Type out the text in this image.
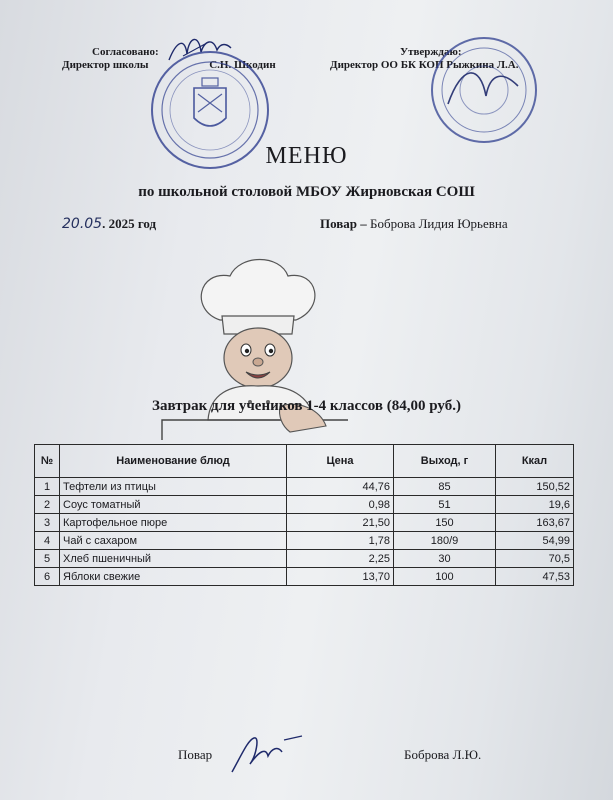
Согласовано:
Директор школы	С.Н. Шкодин
Утверждаю:
Директор ОО БК КОП Рыжкина Л.А.
МЕНЮ
по школьной столовой МБОУ Жирновская СОШ
20.05. 2025 год	Повар – Боброва Лидия Юрьевна
Завтрак для учеников 1-4 классов (84,00 руб.)
№	Наименование блюд	Цена	Выход, г	Ккал
1	Тефтели из птицы	44,76	85	150,52
2	Соус томатный	0,98	51	19,6
3	Картофельное пюре	21,50	150	163,67
4	Чай с сахаром	1,78	180/9	54,99
5	Хлеб пшеничный	2,25	30	70,5
6	Яблоки свежие	13,70	100	47,53
Повар	Боброва Л.Ю.
